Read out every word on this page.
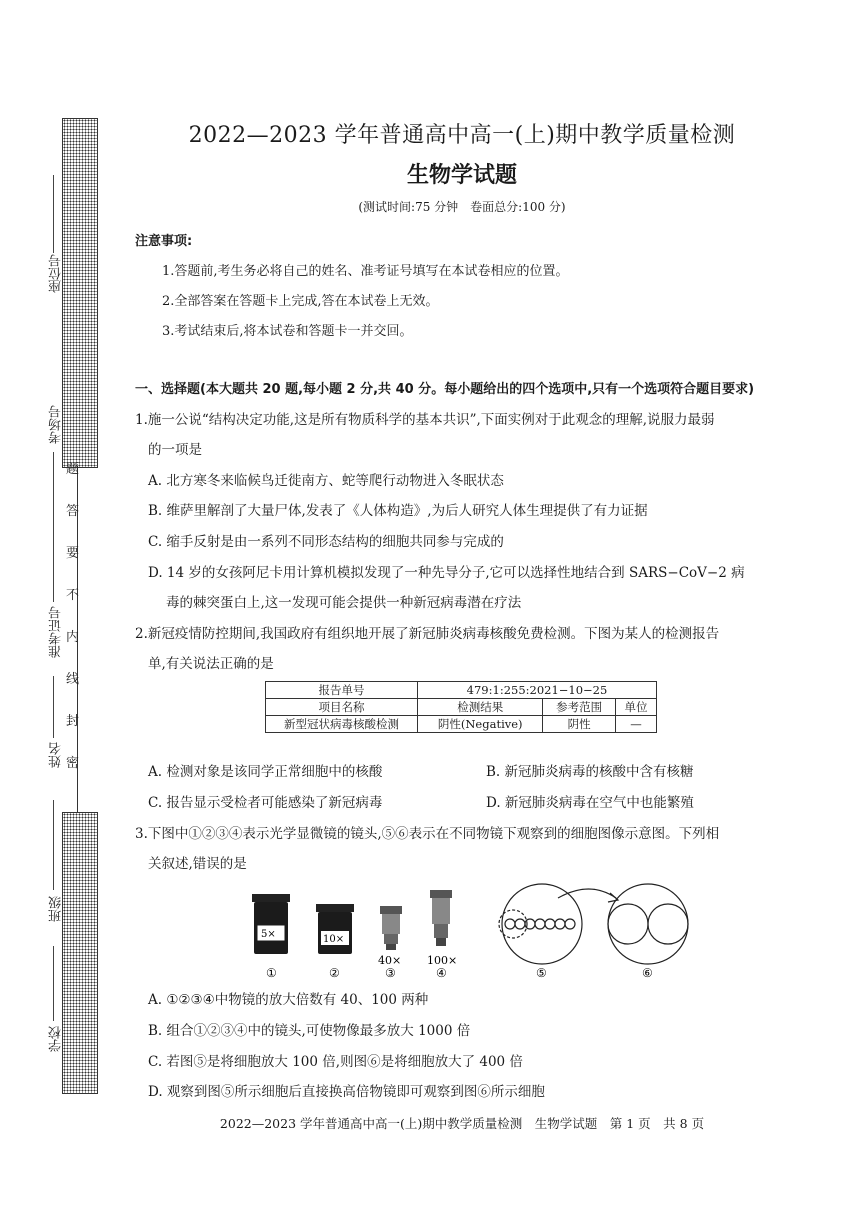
题
答
要
不
内
线
封
密
座位号
考场号
准考证号
姓名
班级
学校
2022—2023 学年普通高中高一(上)期中教学质量检测
生物学试题
(测试时间:75 分钟　卷面总分:100 分)
注意事项:
1.答题前,考生务必将自己的姓名、准考证号填写在本试卷相应的位置。
2.全部答案在答题卡上完成,答在本试卷上无效。
3.考试结束后,将本试卷和答题卡一并交回。
一、选择题(本大题共 20 题,每小题 2 分,共 40 分。每小题给出的四个选项中,只有一个选项符合题目要求)
1.施一公说“结构决定功能,这是所有物质科学的基本共识”,下面实例对于此观念的理解,说服力最弱
的一项是
A. 北方寒冬来临候鸟迁徙南方、蛇等爬行动物进入冬眠状态
B. 维萨里解剖了大量尸体,发表了《人体构造》,为后人研究人体生理提供了有力证据
C. 缩手反射是由一系列不同形态结构的细胞共同参与完成的
D. 14 岁的女孩阿尼卡用计算机模拟发现了一种先导分子,它可以选择性地结合到 SARS−CoV−2 病
毒的棘突蛋白上,这一发现可能会提供一种新冠病毒潜在疗法
2.新冠疫情防控期间,我国政府有组织地开展了新冠肺炎病毒核酸免费检测。下图为某人的检测报告
单,有关说法正确的是
报告单号	479:1:255:2021−10−25		
项目名称	检测结果	参考范围	单位
新型冠状病毒核酸检测	阴性(Negative)	阴性	—
A. 检测对象是该同学正常细胞中的核酸	B. 新冠肺炎病毒的核酸中含有核糖
C. 报告显示受检者可能感染了新冠病毒	D. 新冠肺炎病毒在空气中也能繁殖
3.下图中①②③④表示光学显微镜的镜头,⑤⑥表示在不同物镜下观察到的细胞图像示意图。下列相
关叙述,错误的是
5×	10×
40× 100×
①	②	③	④	⑤	⑥
A. ①②③④中物镜的放大倍数有 40、100 两种
B. 组合①②③④中的镜头,可使物像最多放大 1000 倍
C. 若图⑤是将细胞放大 100 倍,则图⑥是将细胞放大了 400 倍
D. 观察到图⑤所示细胞后直接换高倍物镜即可观察到图⑥所示细胞
2022—2023 学年普通高中高一(上)期中教学质量检测　生物学试题　第 1 页　共 8 页
